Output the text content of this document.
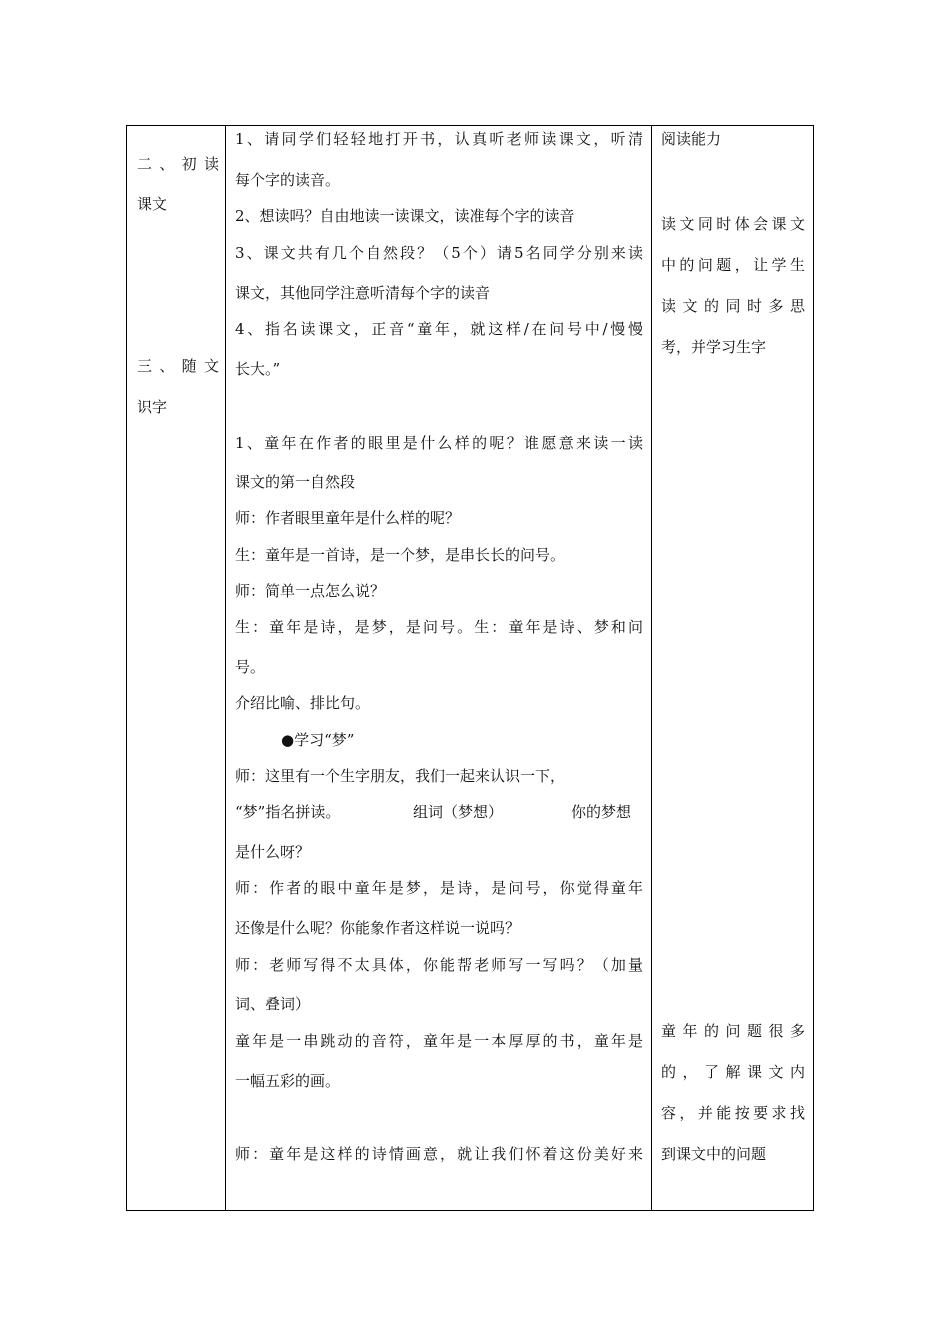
二、初读
课文
三、随文
识字
1、请同学们轻轻地打开书，认真听老师读课文，听清
每个字的读音。
2、想读吗？自由地读一读课文，读准每个字的读音
3、课文共有几个自然段？（5个）请5名同学分别来读
课文，其他同学注意听清每个字的读音
4、指名读课文，正音“童年，就这样/在问号中/慢慢
长大。”
1、童年在作者的眼里是什么样的呢？谁愿意来读一读
课文的第一自然段
师：作者眼里童年是什么样的呢？
生：童年是一首诗，是一个梦，是串长长的问号。
师：简单一点怎么说？
生：童年是诗，是梦，是问号。生：童年是诗、梦和问
号。
介绍比喻、排比句。
●学习“梦”
师：这里有一个生字朋友，我们一起来认识一下，
“梦”指名拼读。	组词（梦想）	你的梦想
是什么呀？
师：作者的眼中童年是梦，是诗，是问号，你觉得童年
还像是什么呢？你能象作者这样说一说吗？
师：老师写得不太具体，你能帮老师写一写吗？（加量
词、叠词）
童年是一串跳动的音符，童年是一本厚厚的书，童年是
一幅五彩的画。
师：童年是这样的诗情画意，就让我们怀着这份美好来
阅读能力
读文同时体会课文
中的问题，让学生
读文的同时多思
考，并学习生字
童年的问题很多
的，了解课文内
容，并能按要求找
到课文中的问题
